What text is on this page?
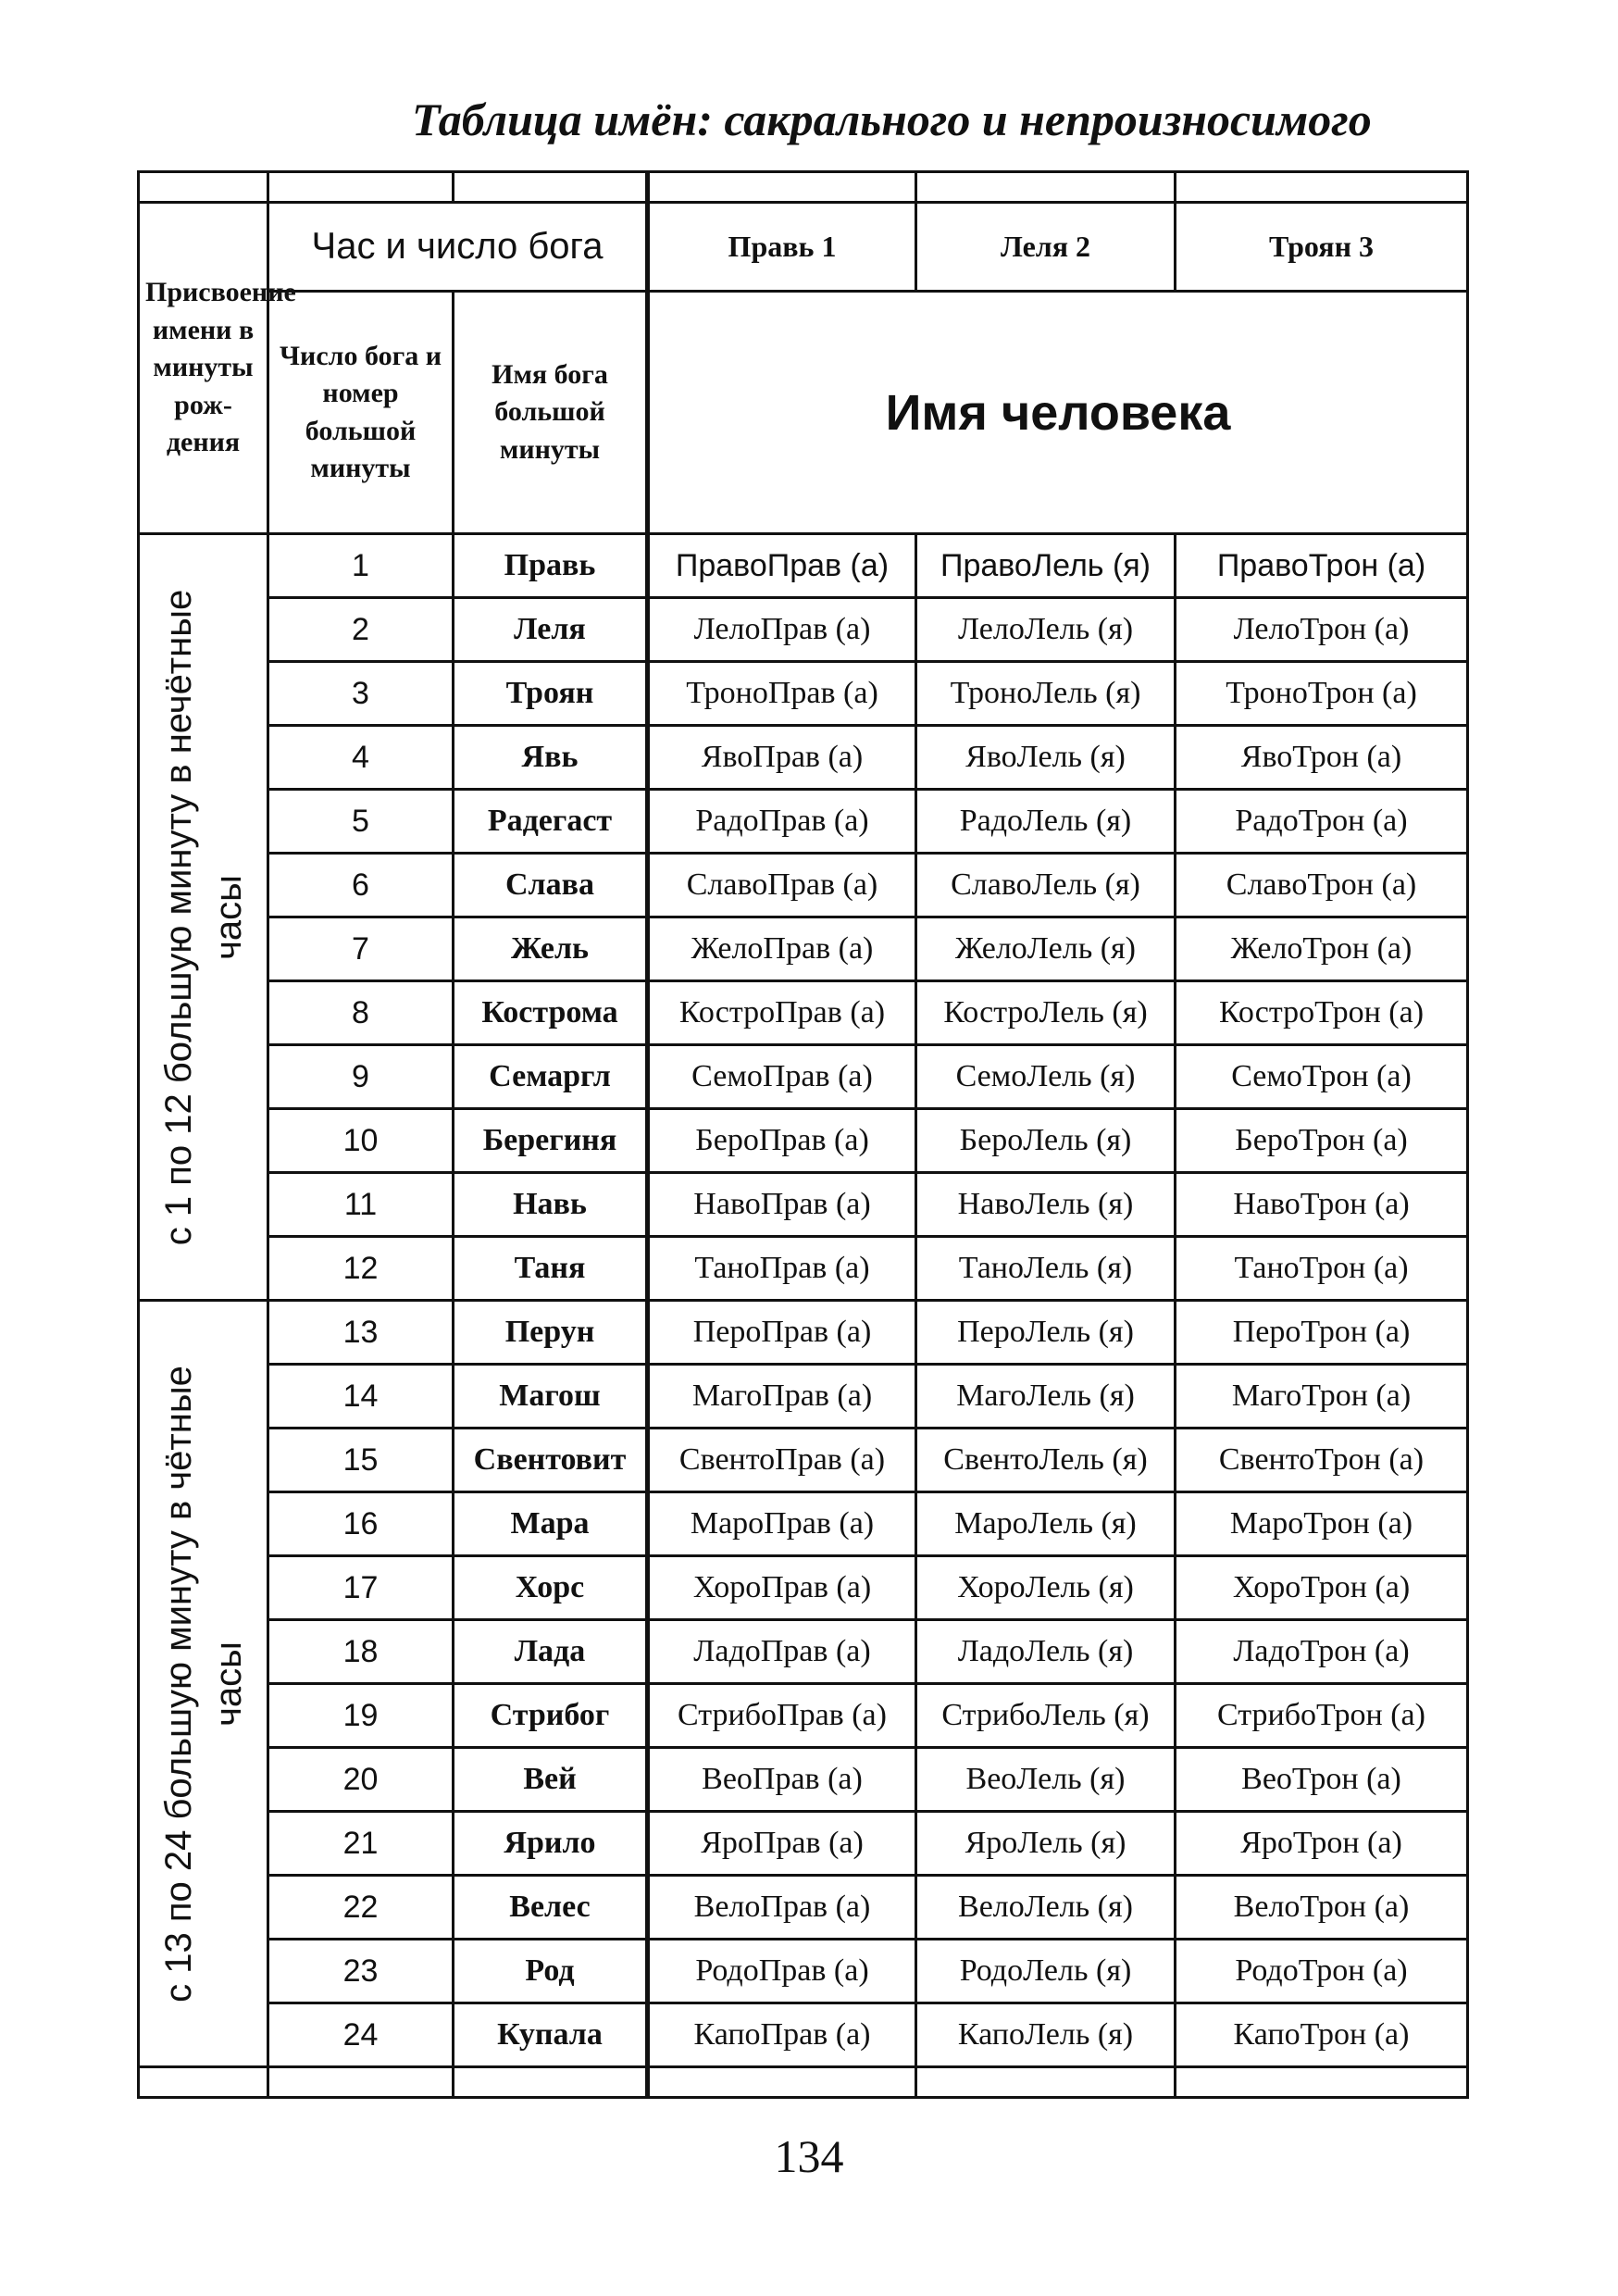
Таблица имён: сакрального и непроизносимого

Присвоение имени в минуты рож-дения	Час и число бога		Правь 1	Леля 2	Троян 3
	Число бога и номер большой минуты	Имя бога большой минуты	Имя человека		

с 1 по 12 большую минуту в нечётные часы	1	Правь	ПравоПрав (а)	ПравоЛель (я)	ПравоТрон (а)
	2	Леля	ЛелоПрав (а)	ЛелоЛель (я)	ЛелоТрон (а)
	3	Троян	ТроноПрав (а)	ТроноЛель (я)	ТроноТрон (а)
	4	Явь	ЯвоПрав (а)	ЯвоЛель (я)	ЯвоТрон (а)
	5	Радегаст	РадоПрав (а)	РадоЛель (я)	РадоТрон (а)
	6	Слава	СлавоПрав (а)	СлавоЛель (я)	СлавоТрон (а)
	7	Жель	ЖелоПрав (а)	ЖелоЛель (я)	ЖелоТрон (а)
	8	Кострома	КостроПрав (а)	КостроЛель (я)	КостроТрон (а)
	9	Семаргл	СемоПрав (а)	СемоЛель (я)	СемоТрон (а)
	10	Берегиня	БероПрав (а)	БероЛель (я)	БероТрон (а)
	11	Навь	НавоПрав (а)	НавоЛель (я)	НавоТрон (а)
	12	Таня	ТаноПрав (а)	ТаноЛель (я)	ТаноТрон (а)

с 13 по 24 большую минуту в чётные часы	13	Перун	ПероПрав (а)	ПероЛель (я)	ПероТрон (а)
	14	Магош	МагоПрав (а)	МагоЛель (я)	МагоТрон (а)
	15	Свентовит	СвентоПрав (а)	СвентоЛель (я)	СвентоТрон (а)
	16	Мара	МароПрав (а)	МароЛель (я)	МароТрон (а)
	17	Хорс	ХороПрав (а)	ХороЛель (я)	ХороТрон (а)
	18	Лада	ЛадоПрав (а)	ЛадоЛель (я)	ЛадоТрон (а)
	19	Стрибог	СтрибоПрав (а)	СтрибоЛель (я)	СтрибоТрон (а)
	20	Вей	ВеоПрав (а)	ВеоЛель (я)	ВеоТрон (а)
	21	Ярило	ЯроПрав (а)	ЯроЛель (я)	ЯроТрон (а)
	22	Велес	ВелоПрав (а)	ВелоЛель (я)	ВелоТрон (а)
	23	Род	РодоПрав (а)	РодоЛель (я)	РодоТрон (а)
	24	Купала	КапоПрав (а)	КапоЛель (я)	КапоТрон (а)

134
